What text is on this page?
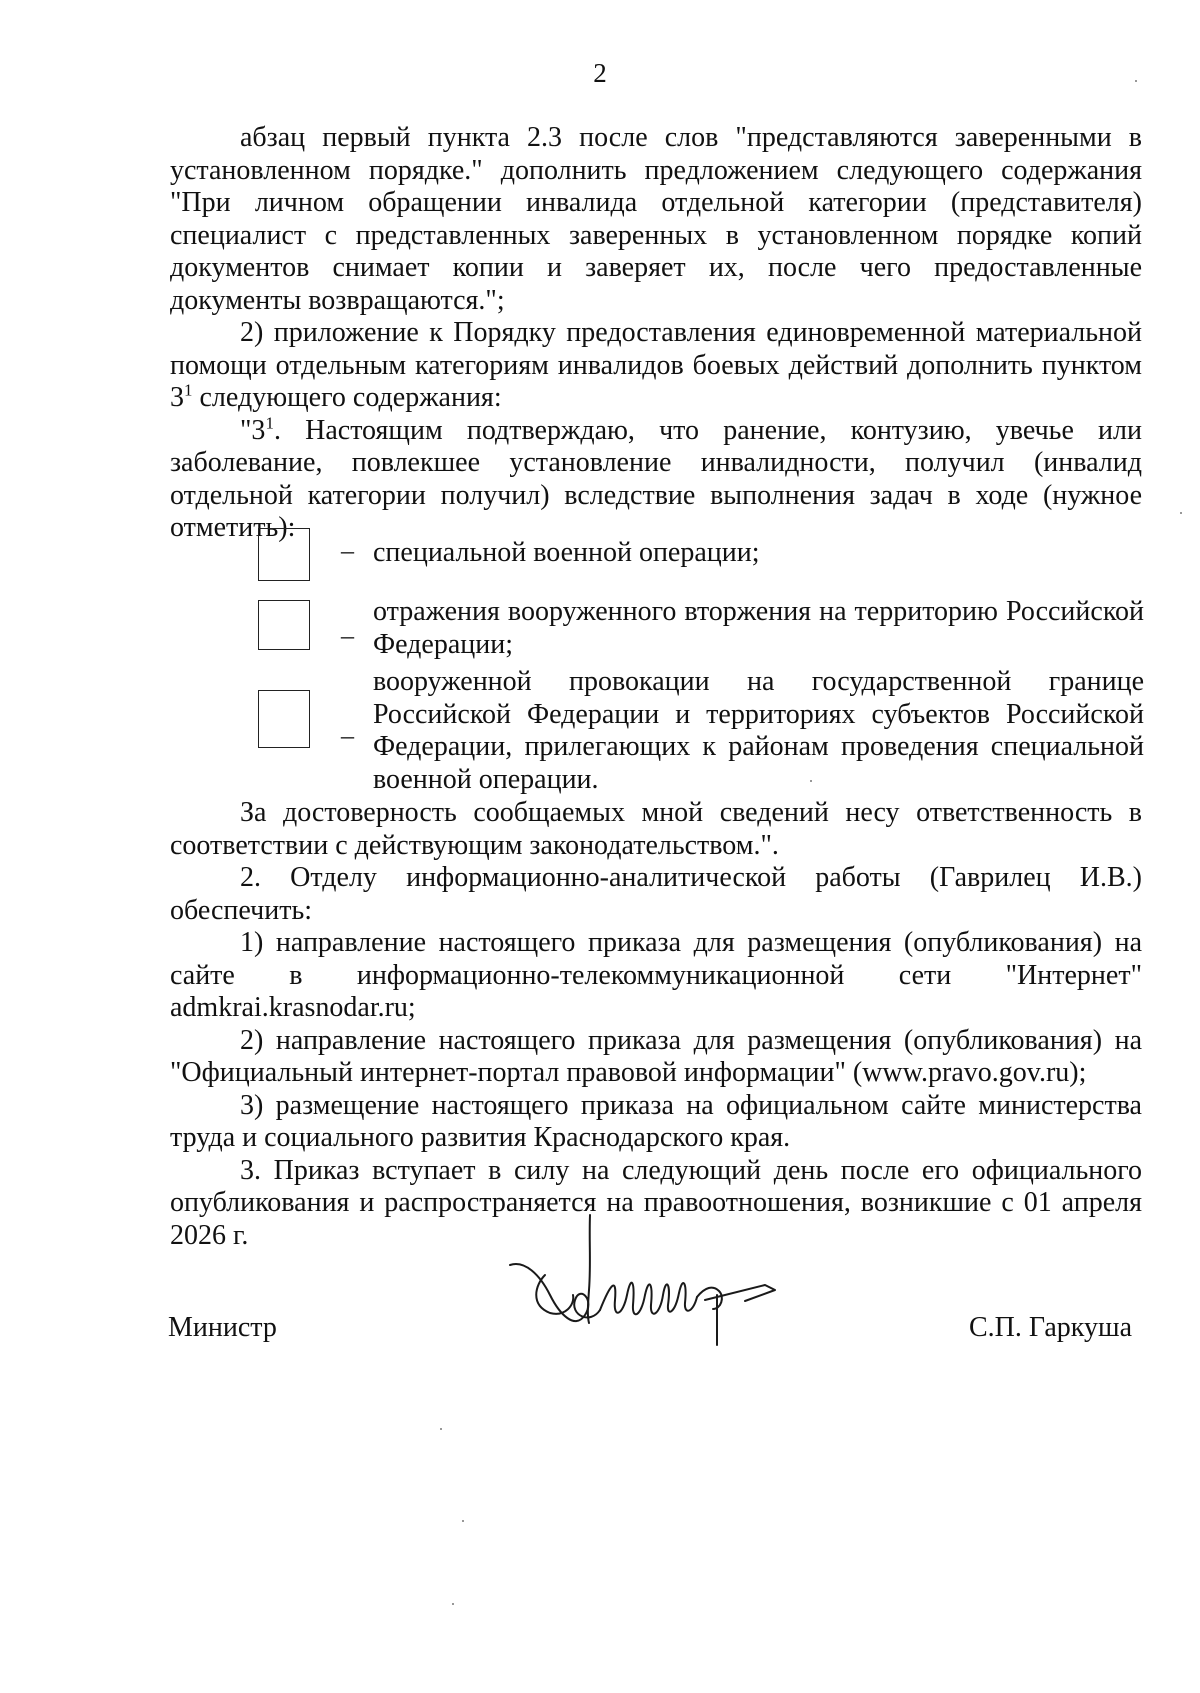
2

абзац первый пункта 2.3 после слов "представляются заверенными в установленном порядке." дополнить предложением следующего содержания "При личном обращении инвалида отдельной категории (представителя) специалист с представленных заверенных в установленном порядке копий документов снимает копии и заверяет их, после чего предоставленные документы возвращаются.";

2) приложение к Порядку предоставления единовременной материальной помощи отдельным категориям инвалидов боевых действий дополнить пунктом $3^1$ следующего содержания:

"$3^1$. Настоящим подтверждаю, что ранение, контузию, увечье или заболевание, повлекшее установление инвалидности, получил (инвалид отдельной категории получил) вследствие выполнения задач в ходе (нужное отметить):

– специальной военной операции;
_ отражения вооруженного вторжения на территорию Российской Федерации;
_
вооруженной провокации на государственной границе Российской Федерации и территориях субъектов Российской Федерации, прилегающих к районам проведения специальной военной операции.

За достоверность сообщаемых мной сведений несу ответственность в соответствии с действующим законодательством.".

2. Отделу информационно-аналитической работы (Гаврилец И.В.) обеспечить:

1) направление настоящего приказа для размещения (опубликования) на сайте в информационно-телекоммуникационной сети "Интернет" admkrai.krasnodar.ru;

2) направление настоящего приказа для размещения (опубликования) на "Официальный интернет-портал правовой информации" (www.pravo.gov.ru);

3) размещение настоящего приказа на официальном сайте министерства труда и социального развития Краснодарского края.

3. Приказ вступает в силу на следующий день после его официального опубликования и распространяется на правоотношения, возникшие с 01 апреля 2026 г.

Министр	С.П. Гаркуша
